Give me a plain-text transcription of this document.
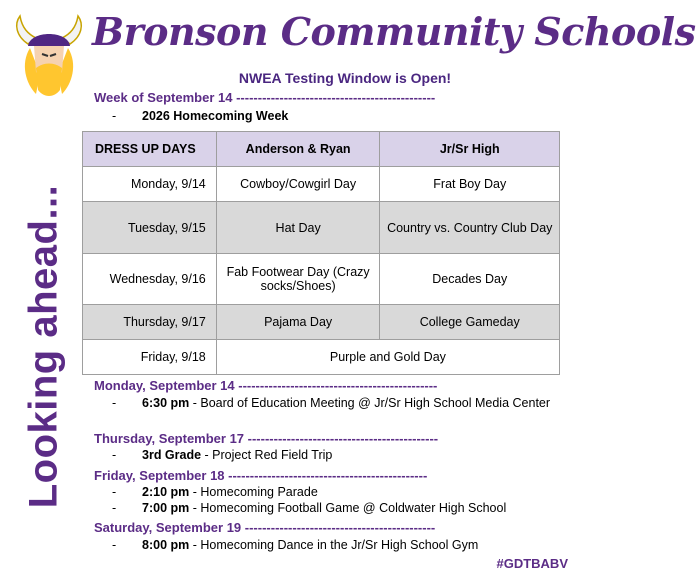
Bronson Community Schools
NWEA Testing Window is Open!
Looking ahead...
Week of September 14 ----------------------------------------------
- 2026 Homecoming Week
DRESS UP DAYS	Anderson & Ryan	Jr/Sr High
Monday, 9/14	Cowboy/Cowgirl Day	Frat Boy Day
Tuesday, 9/15	Hat Day	Country vs. Country Club Day
Wednesday, 9/16	Fab Footwear Day (Crazy socks/Shoes)	Decades Day
Thursday, 9/17	Pajama Day	College Gameday
Friday, 9/18	Purple and Gold Day	
Monday, September 14 ----------------------------------------------
- 6:30 pm - Board of Education Meeting @ Jr/Sr High School Media Center
Thursday, September 17 --------------------------------------------
- 3rd Grade - Project Red Field Trip
Friday, September 18 ----------------------------------------------
- 2:10 pm - Homecoming Parade
- 7:00 pm - Homecoming Football Game @ Coldwater High School
Saturday, September 19 --------------------------------------------
- 8:00 pm - Homecoming Dance in the Jr/Sr High School Gym
#GDTBABV
